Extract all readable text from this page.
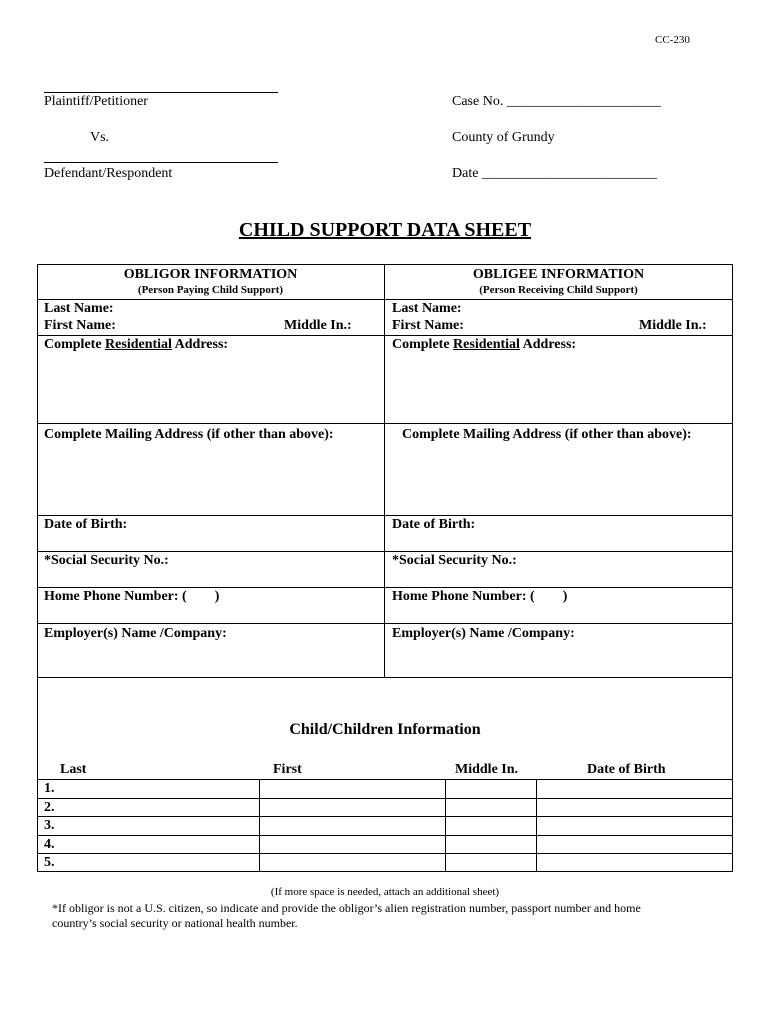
CC-230
Plaintiff/Petitioner
Vs.
Defendant/Respondent
Case No. ______________________
County of Grundy
Date _________________________
CHILD SUPPORT DATA SHEET
OBLIGOR INFORMATION
(Person Paying Child Support)
Last Name:
First Name:	Middle In.:
Complete Residential Address:
Complete Mailing Address (if other than above):
Date of Birth:
*Social Security No.:
Home Phone Number: (        )
Employer(s) Name /Company:
OBLIGEE INFORMATION
(Person Receiving Child Support)
Last Name:
First Name:	Middle In.:
Complete Residential Address:
Complete Mailing Address (if other than above):
Date of Birth:
*Social Security No.:
Home Phone Number: (        )
Employer(s) Name /Company:
Child/Children Information
Last	First	Middle In.	Date of Birth
1.
2.
3.
4.
5.
(If more space is needed, attach an additional sheet)
*If obligor is not a U.S. citizen, so indicate and provide the obligor’s alien registration number, passport number and home
country’s social security or national health number.
